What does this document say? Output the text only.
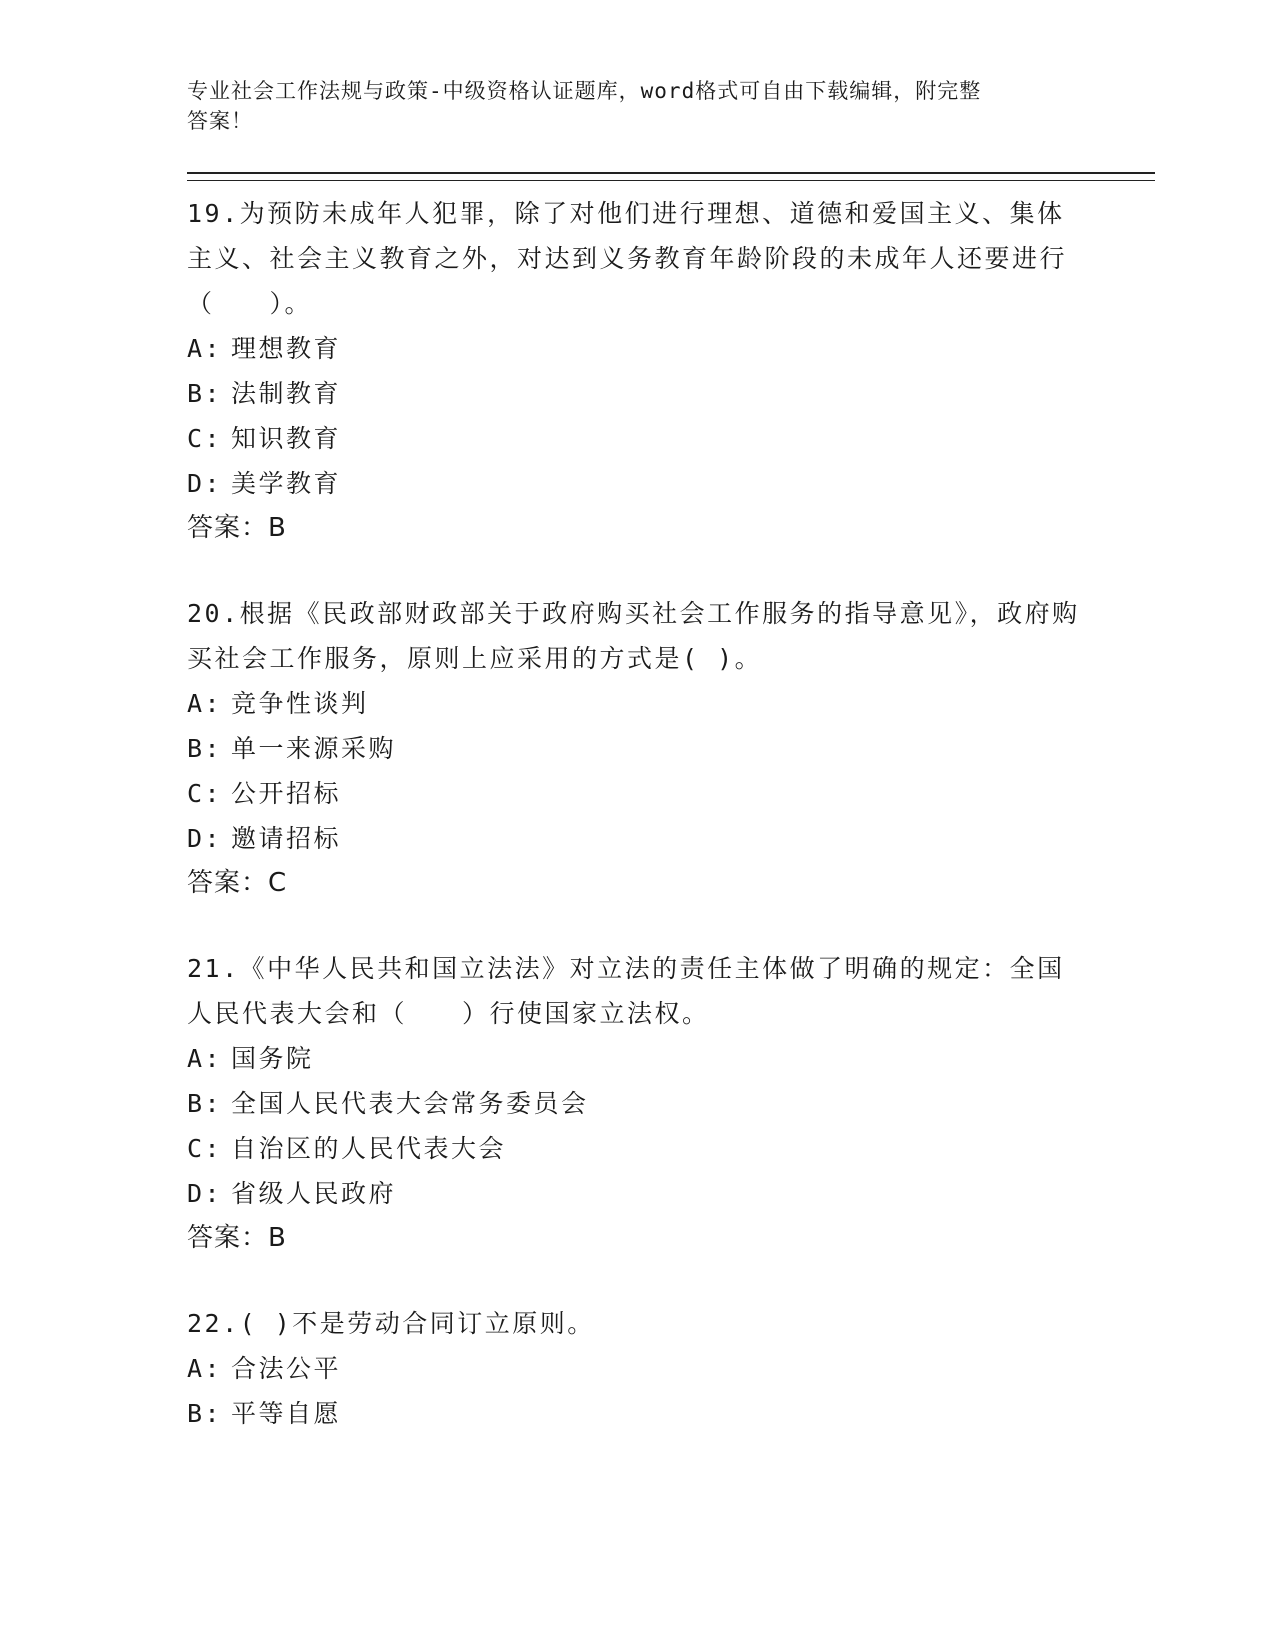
专业社会工作法规与政策-中级资格认证题库，word格式可自由下载编辑，附完整
答案！

19.为预防未成年人犯罪，除了对他们进行理想、道德和爱国主义、集体主义、社会主义教育之外，对达到义务教育年龄阶段的未成年人还要进行（　　）。

A: 理想教育

B: 法制教育

C: 知识教育

D: 美学教育

答案：B

20.根据《民政部财政部关于政府购买社会工作服务的指导意见》，政府购买社会工作服务，原则上应采用的方式是( )。

A: 竞争性谈判

B: 单一来源采购

C: 公开招标

D: 邀请招标

答案：C

21.《中华人民共和国立法法》对立法的责任主体做了明确的规定：全国人民代表大会和（　　）行使国家立法权。

A: 国务院

B: 全国人民代表大会常务委员会

C: 自治区的人民代表大会

D: 省级人民政府

答案：B

22.( )不是劳动合同订立原则。

A: 合法公平

B: 平等自愿
